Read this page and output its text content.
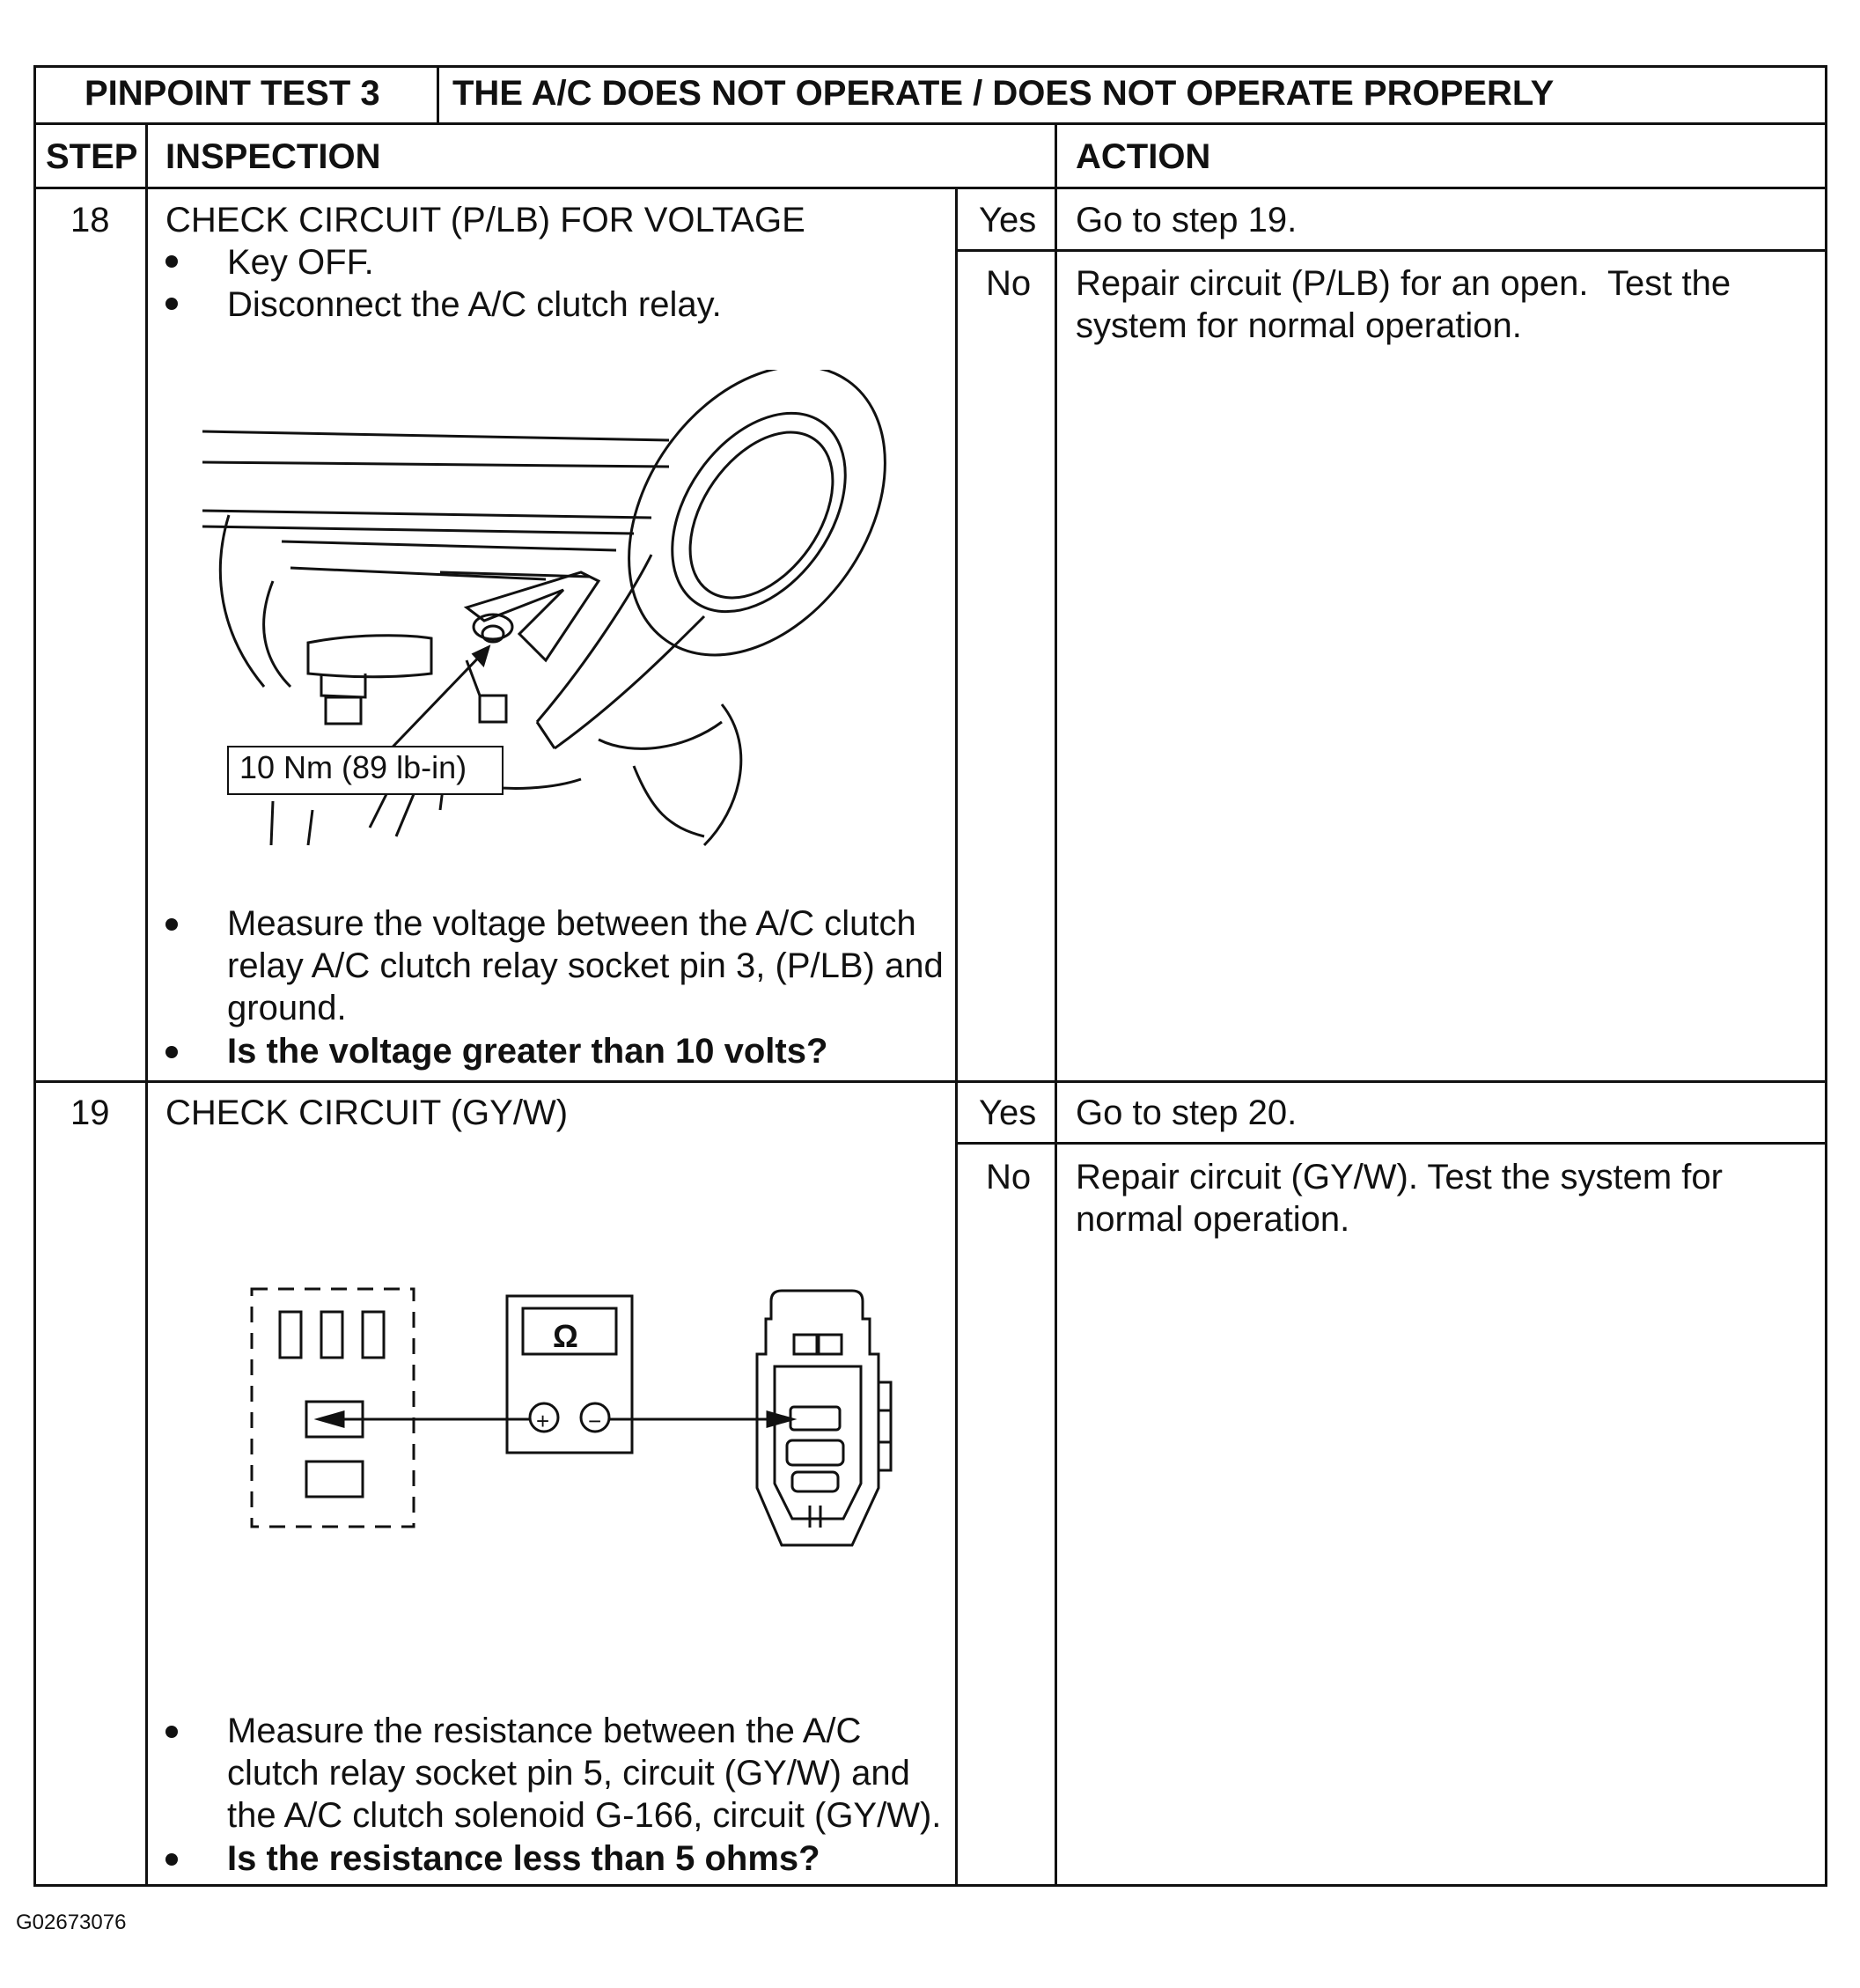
PINPOINT TEST 3 THE A/C DOES NOT OPERATE / DOES NOT OPERATE PROPERLY
STEP INSPECTION	ACTION
18 CHECK CIRCUIT (P/LB) FOR VOLTAGE
Key OFF.
Disconnect the A/C clutch relay.
10 Nm (89 lb-in)
Measure the voltage between the A/C clutch relay A/C clutch relay socket pin 3, (P/LB) and ground.
Is the voltage greater than 10 volts?
Yes Go to step 19.
No Repair circuit (P/LB) for an open.  Test the system for normal operation.
19 CHECK CIRCUIT (GY/W)
Ω
+ −
Measure the resistance between the A/C clutch relay socket pin 5, circuit (GY/W) and the A/C clutch solenoid G-166, circuit (GY/W).
Is the resistance less than 5 ohms?
Yes Go to step 20.
No Repair circuit (GY/W). Test the system for normal operation.
G02673076
